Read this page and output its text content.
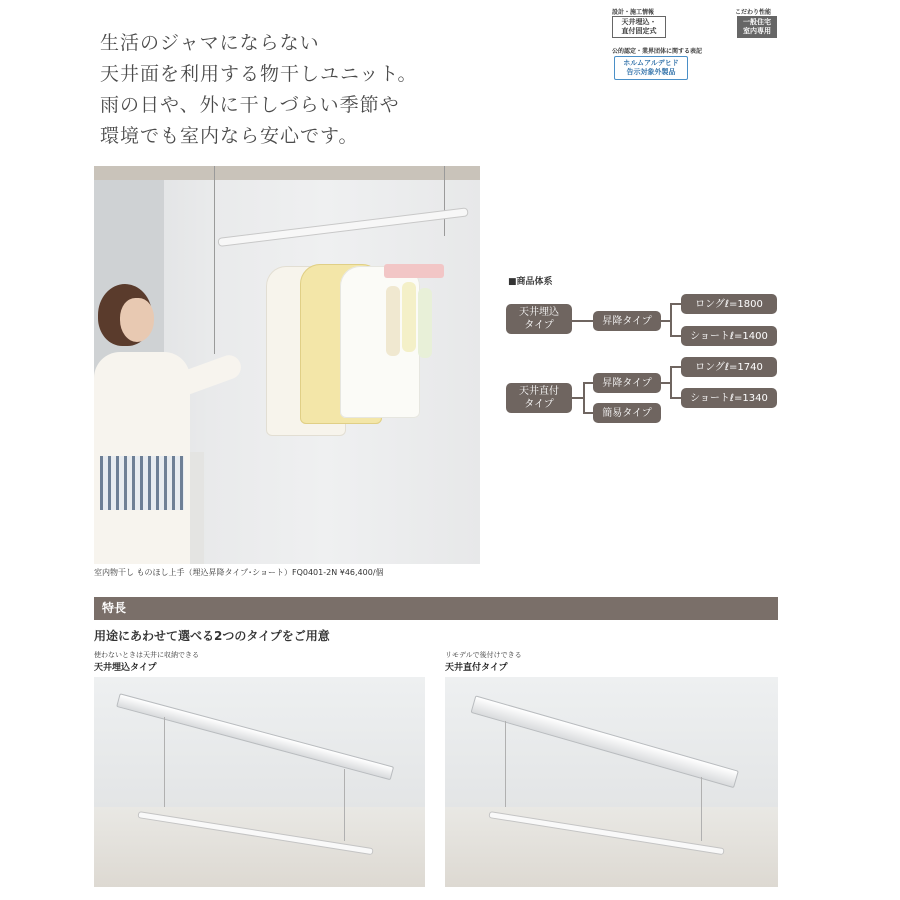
生活のジャマにならない
天井面を利用する物干しユニット。
雨の日や、外に干しづらい季節や
環境でも室内なら安心です。
設計・施工情報
天井埋込・
直付固定式
こだわり性能
一般住宅
室内専用
公的認定・業界団体に関する表記
ホルムアルデヒド
告示対象外製品
室内物干し ものほし上手（埋込昇降タイプ･ショート）FQ0401-2N ¥46,400/個
■商品体系
天井埋込
タイプ
天井直付
タイプ
昇降タイプ
昇降タイプ
簡易タイプ
ロングℓ=1800
ショートℓ=1400
ロングℓ=1740
ショートℓ=1340
特長
用途にあわせて選べる2つのタイプをご用意
使わないときは天井に収納できる
天井埋込タイプ
リモデルで後付けできる
天井直付タイプ
